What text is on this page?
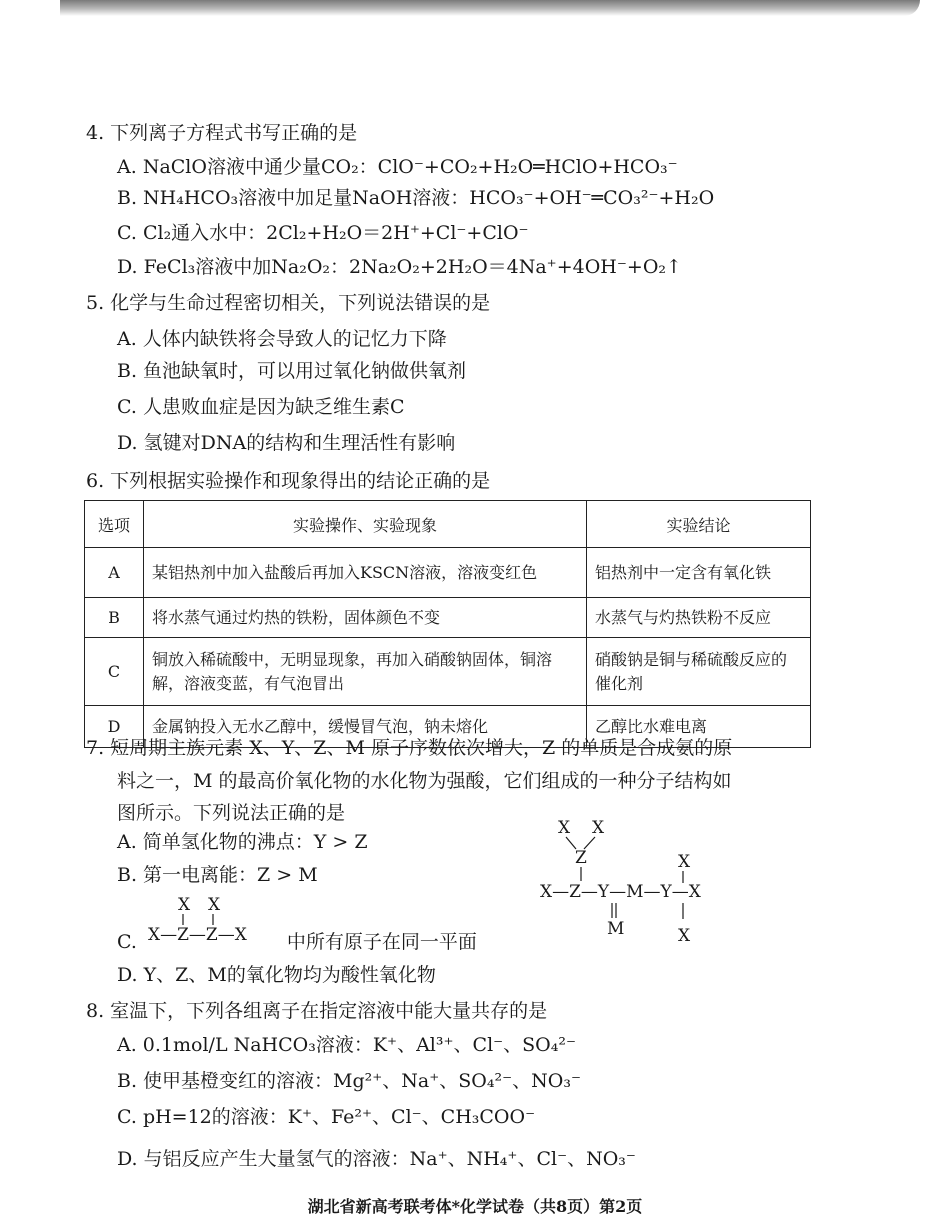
4. 下列离子方程式书写正确的是
A. NaClO溶液中通少量CO₂：ClO⁻+CO₂+H₂O═HClO+HCO₃⁻
B. NH₄HCO₃溶液中加足量NaOH溶液：HCO₃⁻+OH⁻═CO₃²⁻+H₂O
C. Cl₂通入水中：2Cl₂+H₂O＝2H⁺+Cl⁻+ClO⁻
D. FeCl₃溶液中加Na₂O₂：2Na₂O₂+2H₂O＝4Na⁺+4OH⁻+O₂↑
5. 化学与生命过程密切相关，下列说法错误的是
A. 人体内缺铁将会导致人的记忆力下降
B. 鱼池缺氧时，可以用过氧化钠做供氧剂
C. 人患败血症是因为缺乏维生素C
D. 氢键对DNA的结构和生理活性有影响
6. 下列根据实验操作和现象得出的结论正确的是
选项	实验操作、实验现象	实验结论
A	某铝热剂中加入盐酸后再加入KSCN溶液，溶液变红色	铝热剂中一定含有氧化铁
B	将水蒸气通过灼热的铁粉，固体颜色不变	水蒸气与灼热铁粉不反应
C	铜放入稀硫酸中，无明显现象，再加入硝酸钠固体，铜溶解，溶液变蓝，有气泡冒出	硝酸钠是铜与稀硫酸反应的催化剂
D	金属钠投入无水乙醇中，缓慢冒气泡，钠未熔化	乙醇比水难电离
7. 短周期主族元素 X、Y、Z、M 原子序数依次增大，Z 的单质是合成氨的原
料之一，M 的最高价氧化物的水化物为强酸，它们组成的一种分子结构如
图所示。下列说法正确的是
A. 简单氢化物的沸点：Y > Z
B. 第一电离能：Z > M
X X
X—Z—Z—X
C.	中所有原子在同一平面
D. Y、Z、M的氧化物均为酸性氧化物
X X
Z	X
X—Z—Y—M—Y—X
M	X
8. 室温下，下列各组离子在指定溶液中能大量共存的是
A. 0.1mol/L NaHCO₃溶液：K⁺、Al³⁺、Cl⁻、SO₄²⁻
B. 使甲基橙变红的溶液：Mg²⁺、Na⁺、SO₄²⁻、NO₃⁻
C. pH=12的溶液：K⁺、Fe²⁺、Cl⁻、CH₃COO⁻
D. 与铝反应产生大量氢气的溶液：Na⁺、NH₄⁺、Cl⁻、NO₃⁻
湖北省新高考联考体*化学试卷（共8页）第2页
